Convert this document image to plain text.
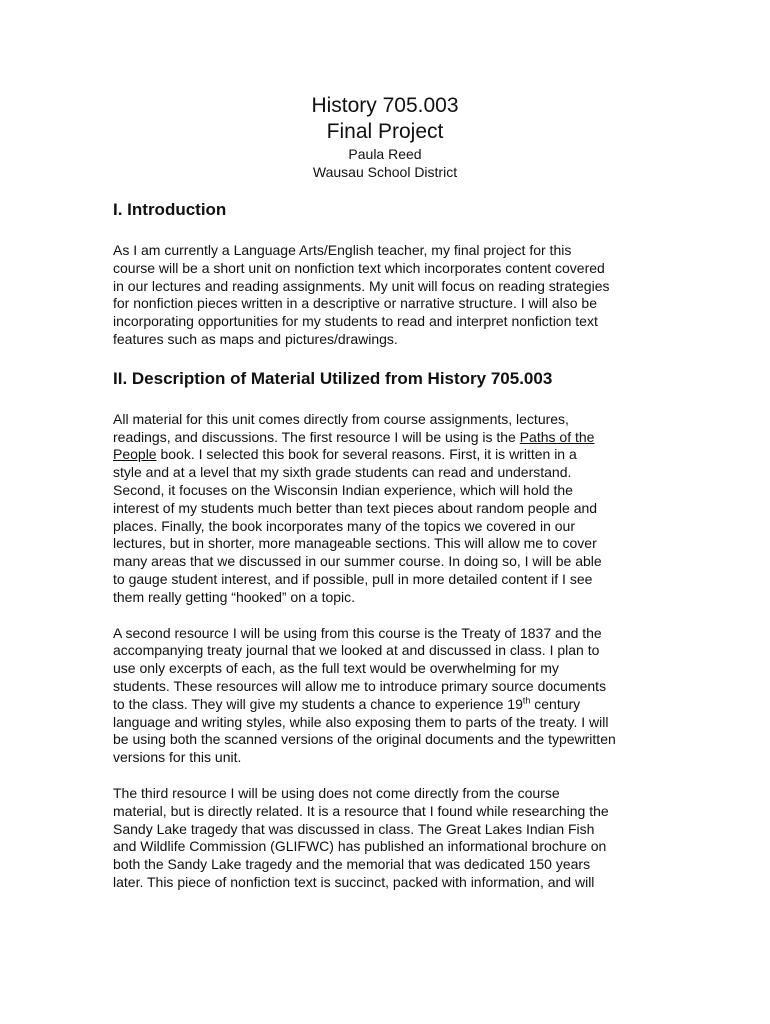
History 705.003
Final Project
Paula Reed
Wausau School District
I. Introduction

As I am currently a Language Arts/English teacher, my final project for this
course will be a short unit on nonfiction text which incorporates content covered
in our lectures and reading assignments. My unit will focus on reading strategies
for nonfiction pieces written in a descriptive or narrative structure. I will also be
incorporating opportunities for my students to read and interpret nonfiction text
features such as maps and pictures/drawings.

II. Description of Material Utilized from History 705.003

All material for this unit comes directly from course assignments, lectures,
readings, and discussions. The first resource I will be using is the Paths of the
People book. I selected this book for several reasons. First, it is written in a
style and at a level that my sixth grade students can read and understand.
Second, it focuses on the Wisconsin Indian experience, which will hold the
interest of my students much better than text pieces about random people and
places. Finally, the book incorporates many of the topics we covered in our
lectures, but in shorter, more manageable sections. This will allow me to cover
many areas that we discussed in our summer course. In doing so, I will be able
to gauge student interest, and if possible, pull in more detailed content if I see
them really getting “hooked” on a topic.

A second resource I will be using from this course is the Treaty of 1837 and the
accompanying treaty journal that we looked at and discussed in class. I plan to
use only excerpts of each, as the full text would be overwhelming for my
students. These resources will allow me to introduce primary source documents
to the class. They will give my students a chance to experience 19th century
language and writing styles, while also exposing them to parts of the treaty. I will
be using both the scanned versions of the original documents and the typewritten
versions for this unit.

The third resource I will be using does not come directly from the course
material, but is directly related. It is a resource that I found while researching the
Sandy Lake tragedy that was discussed in class. The Great Lakes Indian Fish
and Wildlife Commission (GLIFWC) has published an informational brochure on
both the Sandy Lake tragedy and the memorial that was dedicated 150 years
later. This piece of nonfiction text is succinct, packed with information, and will
